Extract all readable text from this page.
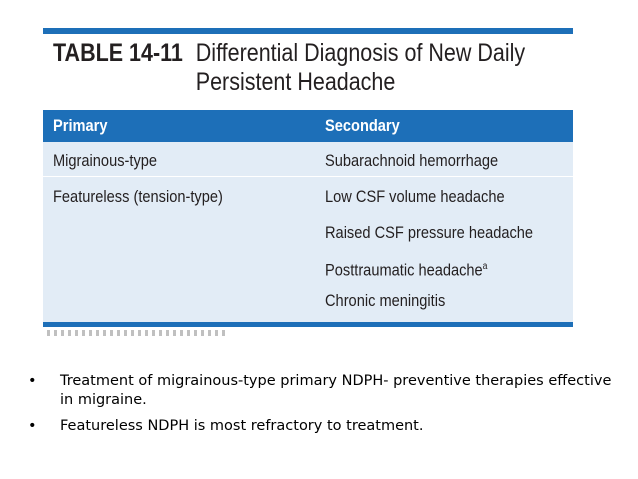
TABLE 14-11 Differential Diagnosis of New Daily
Persistent Headache
Primary	Secondary
Migrainous-type
Featureless (tension-type)
Subarachnoid hemorrhage
Low CSF volume headache
Raised CSF pressure headache
Posttraumatic headache$^a$
Chronic meningitis
• Treatment of migrainous-type primary NDPH- preventive therapies effective in migraine.
• Featureless NDPH is most refractory to treatment.
